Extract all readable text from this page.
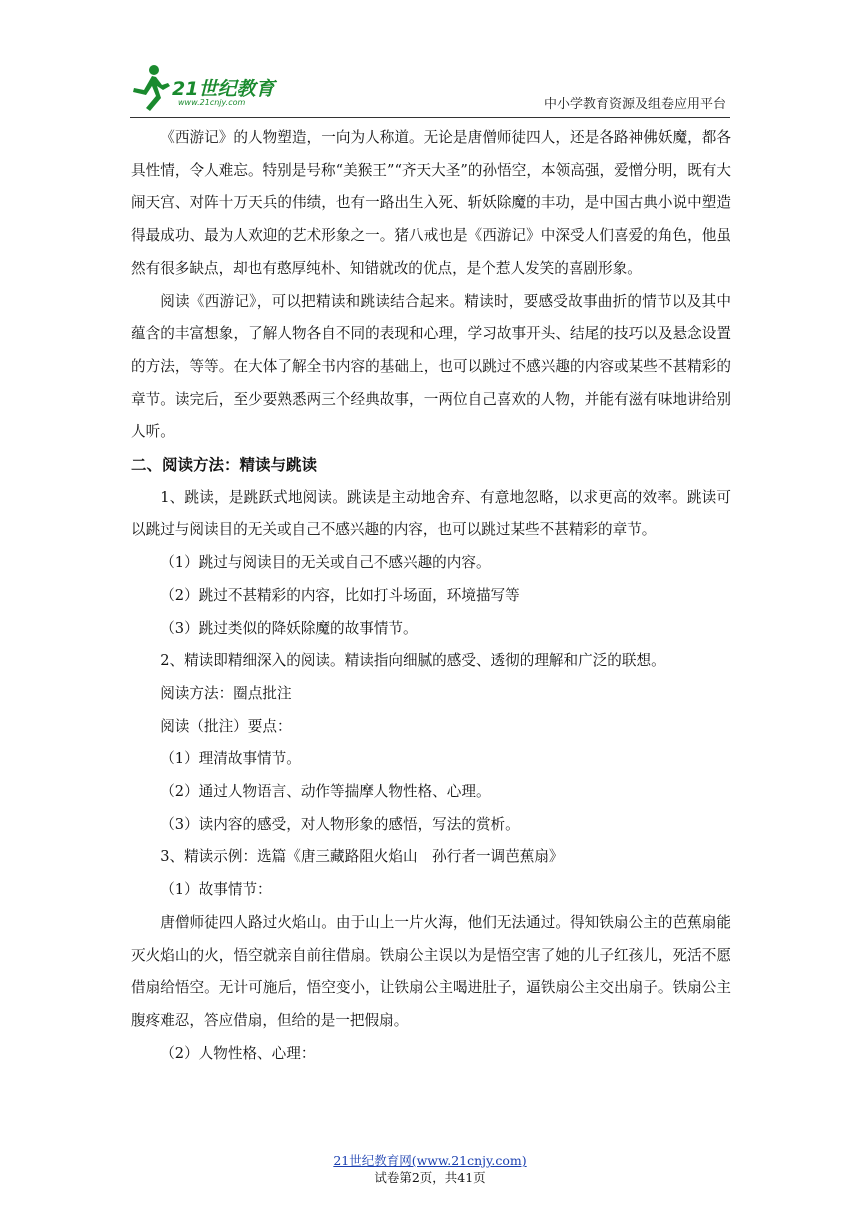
21世纪教育
www.21cnjy.com	中小学教育资源及组卷应用平台

《西游记》的人物塑造，一向为人称道。无论是唐僧师徒四人，还是各路神佛妖魔，都各具性情，令人难忘。特别是号称“美猴王”“齐天大圣”的孙悟空，本领高强，爱憎分明，既有大闹天宫、对阵十万天兵的伟绩，也有一路出生入死、斩妖除魔的丰功，是中国古典小说中塑造得最成功、最为人欢迎的艺术形象之一。猪八戒也是《西游记》中深受人们喜爱的角色，他虽然有很多缺点，却也有憨厚纯朴、知错就改的优点，是个惹人发笑的喜剧形象。

阅读《西游记》，可以把精读和跳读结合起来。精读时，要感受故事曲折的情节以及其中蕴含的丰富想象，了解人物各自不同的表现和心理，学习故事开头、结尾的技巧以及悬念设置的方法，等等。在大体了解全书内容的基础上，也可以跳过不感兴趣的内容或某些不甚精彩的章节。读完后，至少要熟悉两三个经典故事，一两位自己喜欢的人物，并能有滋有味地讲给别人听。

二、阅读方法：精读与跳读

1、跳读，是跳跃式地阅读。跳读是主动地舍弃、有意地忽略，以求更高的效率。跳读可以跳过与阅读目的无关或自己不感兴趣的内容，也可以跳过某些不甚精彩的章节。

（1）跳过与阅读目的无关或自己不感兴趣的内容。

（2）跳过不甚精彩的内容，比如打斗场面，环境描写等

（3）跳过类似的降妖除魔的故事情节。

2、精读即精细深入的阅读。精读指向细腻的感受、透彻的理解和广泛的联想。

阅读方法：圈点批注

阅读（批注）要点：

（1）理清故事情节。

（2）通过人物语言、动作等揣摩人物性格、心理。

（3）读内容的感受，对人物形象的感悟，写法的赏析。

3、精读示例：选篇《唐三藏路阻火焰山　孙行者一调芭蕉扇》

（1）故事情节：

唐僧师徒四人路过火焰山。由于山上一片火海，他们无法通过。得知铁扇公主的芭蕉扇能灭火焰山的火，悟空就亲自前往借扇。铁扇公主误以为是悟空害了她的儿子红孩儿，死活不愿借扇给悟空。无计可施后，悟空变小，让铁扇公主喝进肚子，逼铁扇公主交出扇子。铁扇公主腹疼难忍，答应借扇，但给的是一把假扇。

（2）人物性格、心理：

21世纪教育网(www.21cnjy.com)
试卷第2页，共41页
